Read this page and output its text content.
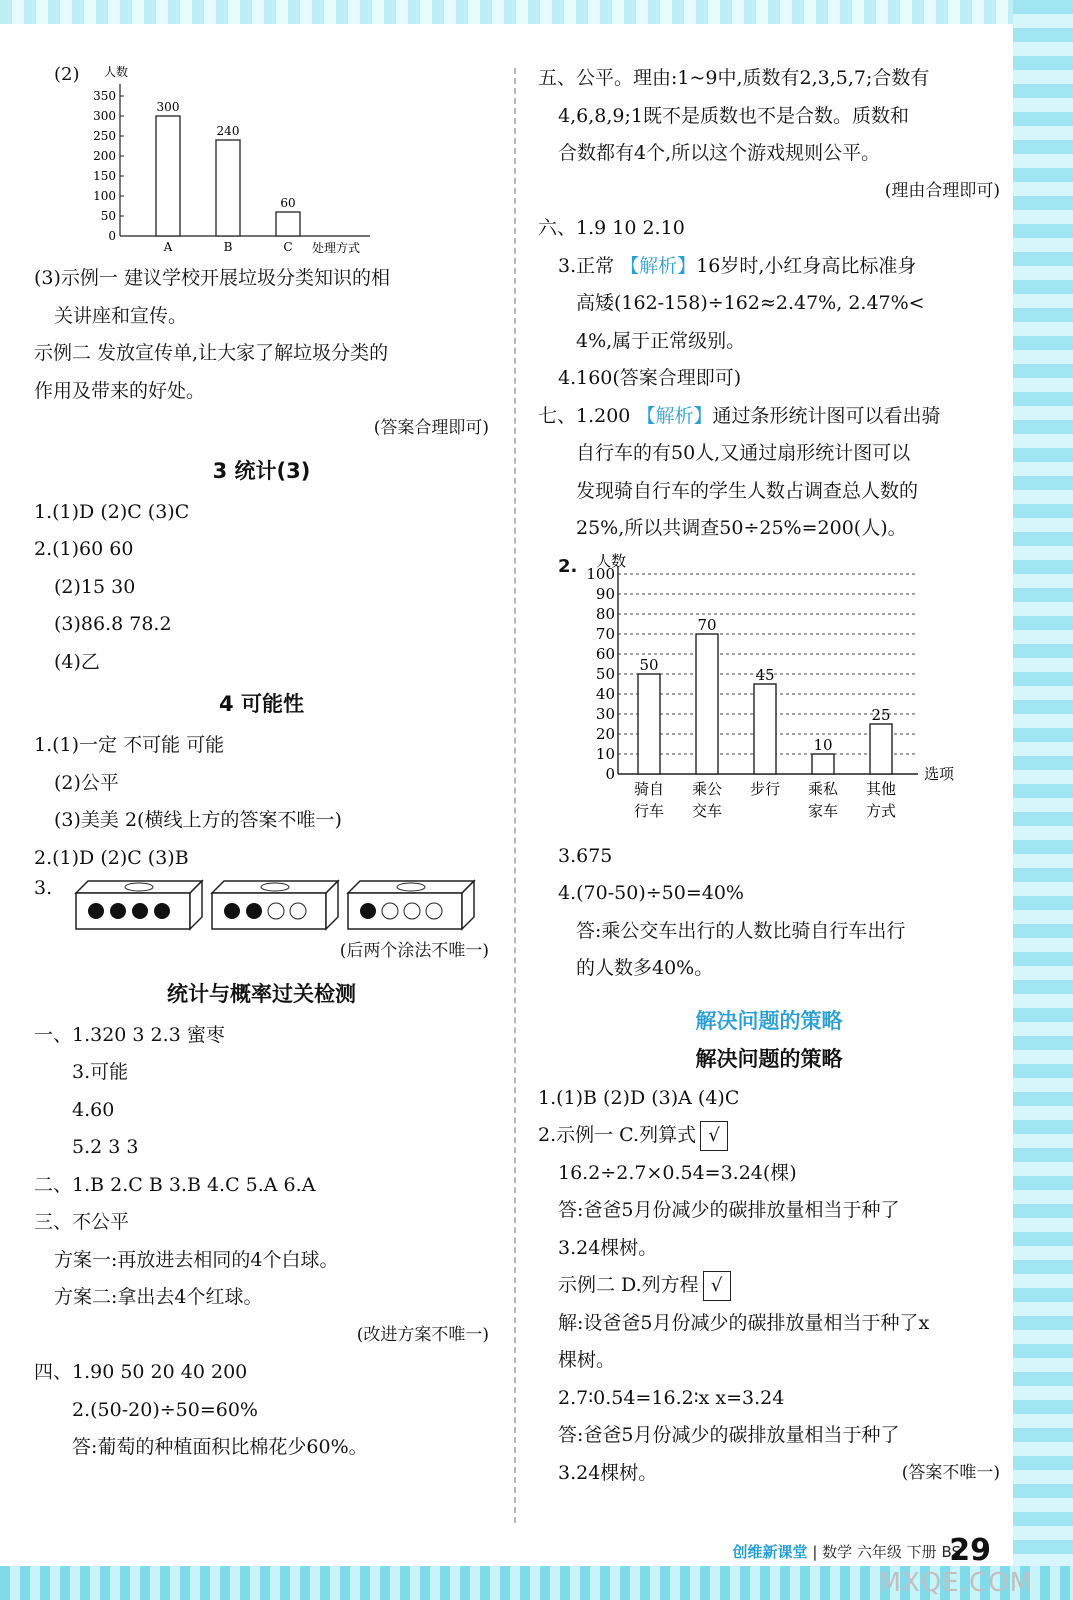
(2) 人数
0
50
100
150
200
250
300
350
300
A
240
B
60
C 处理方式
(3)示例一 建议学校开展垃圾分类知识的相
关讲座和宣传。
示例二 发放宣传单,让大家了解垃圾分类的
作用及带来的好处。
(答案合理即可)
3 统计(3)
1.(1)D (2)C (3)C
2.(1)60 60
(2)15 30
(3)86.8 78.2
(4)乙
4 可能性
1.(1)一定 不可能 可能
(2)公平
(3)美美 2(横线上方的答案不唯一)
2.(1)D (2)C (3)B
3.
(后两个涂法不唯一)
统计与概率过关检测
一、1.320 3 2.3 蜜枣
3.可能
4.60
5.2 3 3
二、1.B 2.C B 3.B 4.C 5.A 6.A
三、不公平
方案一:再放进去相同的4个白球。
方案二:拿出去4个红球。
(改进方案不唯一)
四、1.90 50 20 40 200
2.(50-20)÷50=60%
答:葡萄的种植面积比棉花少60%。
五、公平。理由:1~9中,质数有2,3,5,7;合数有
4,6,8,9;1既不是质数也不是合数。质数和
合数都有4个,所以这个游戏规则公平。
(理由合理即可)
六、1.9 10 2.10
3.正常 【解析】16岁时,小红身高比标准身
高矮(162-158)÷162≈2.47%, 2.47%<
4%,属于正常级别。
4.160(答案合理即可)
七、1.200 【解析】通过条形统计图可以看出骑
自行车的有50人,又通过扇形统计图可以
发现骑自行车的学生人数占调查总人数的
25%,所以共调查50÷25%=200(人)。
2. 人数
0
10
20
30
40
50
60
70
80
90
100
50
骑自
行车
70
乘公
交车
45
步行
10
乘私
家车
25
其他
方式
选项
3.675
4.(70-50)÷50=40%
答:乘公交车出行的人数比骑自行车出行
的人数多40%。
解决问题的策略
解决问题的策略
1.(1)B (2)D (3)A (4)C
2.示例一 C.列算式 √
16.2÷2.7×0.54=3.24(棵)
答:爸爸5月份减少的碳排放量相当于种了
3.24棵树。
示例二 D.列方程 √
解:设爸爸5月份减少的碳排放量相当于种了x
棵树。
2.7∶0.54=16.2∶x x=3.24
答:爸爸5月份减少的碳排放量相当于种了
3.24棵树。	(答案不唯一)
创维新课堂 | 数学 六年级 下册 BS
29
MXQE.COM
